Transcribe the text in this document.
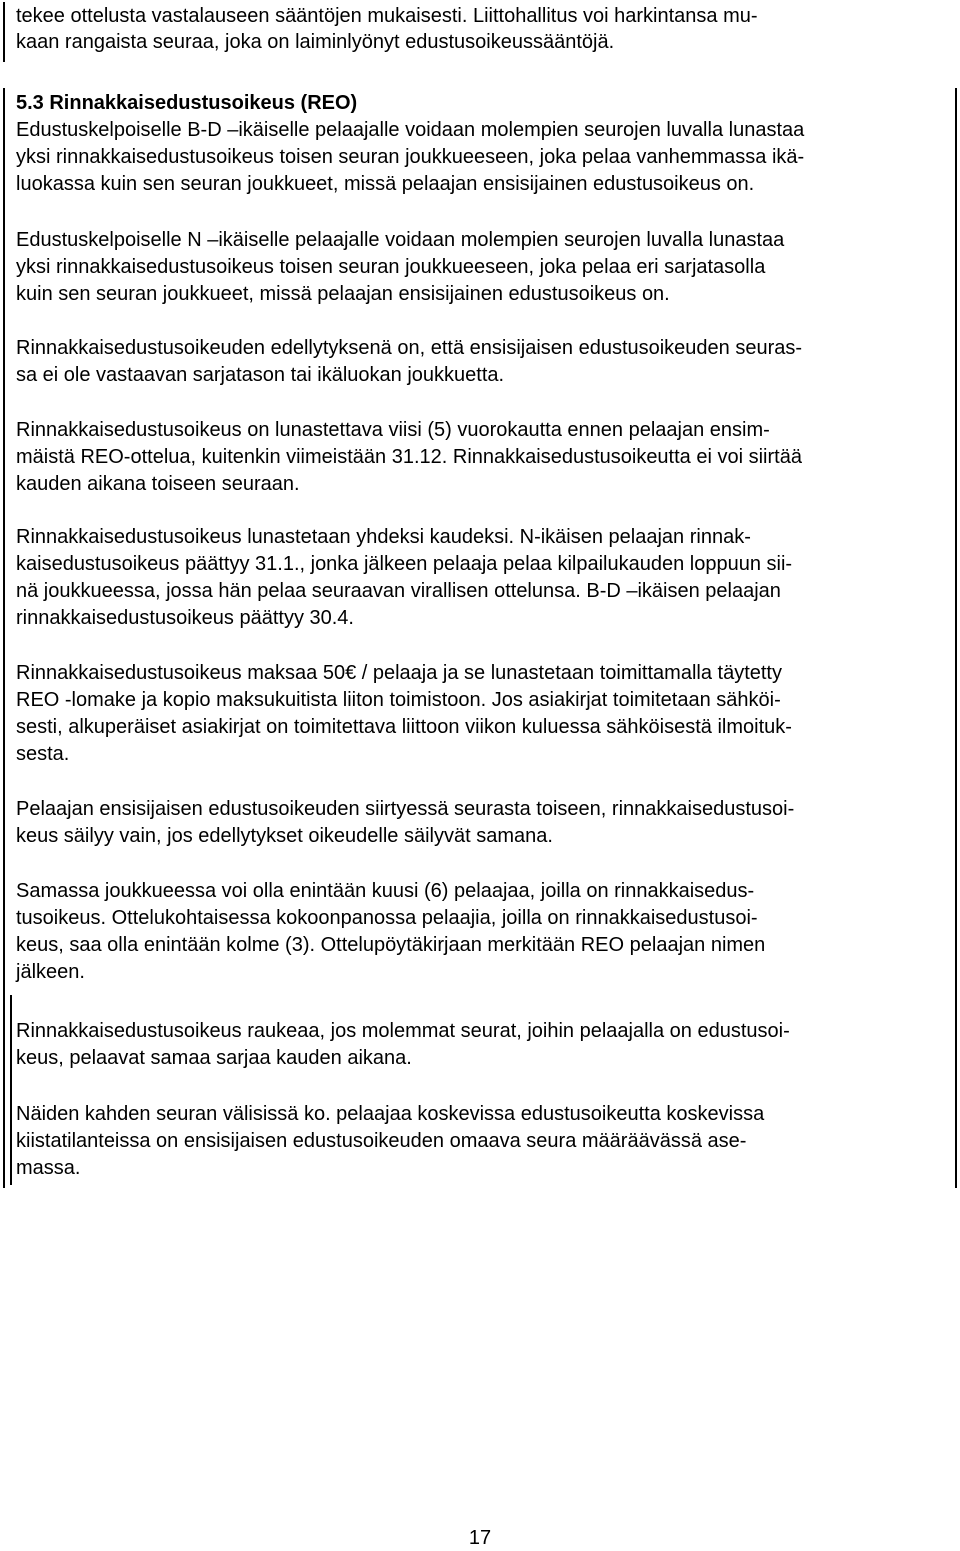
tekee ottelusta vastalauseen sääntöjen mukaisesti. Liittohallitus voi harkintansa mu-
kaan rangaista seuraa, joka on laiminlyönyt edustusoikeussääntöjä.
5.3 Rinnakkaisedustusoikeus (REO)
Edustuskelpoiselle B-D –ikäiselle pelaajalle voidaan molempien seurojen luvalla lunastaa
yksi rinnakkaisedustusoikeus toisen seuran joukkueeseen, joka pelaa vanhemmassa ikä-
luokassa kuin sen seuran joukkueet, missä pelaajan ensisijainen edustusoikeus on.
Edustuskelpoiselle N –ikäiselle pelaajalle voidaan molempien seurojen luvalla lunastaa
yksi rinnakkaisedustusoikeus toisen seuran joukkueeseen, joka pelaa eri sarjatasolla
kuin sen seuran joukkueet, missä pelaajan ensisijainen edustusoikeus on.
Rinnakkaisedustusoikeuden edellytyksenä on, että ensisijaisen edustusoikeuden seuras-
sa ei ole vastaavan sarjatason tai ikäluokan joukkuetta.
Rinnakkaisedustusoikeus on lunastettava viisi (5) vuorokautta ennen pelaajan ensim-
mäistä REO-ottelua, kuitenkin viimeistään 31.12. Rinnakkaisedustusoikeutta ei voi siirtää
kauden aikana toiseen seuraan.
Rinnakkaisedustusoikeus lunastetaan yhdeksi kaudeksi. N-ikäisen pelaajan rinnak-
kaisedustusoikeus päättyy 31.1., jonka jälkeen pelaaja pelaa kilpailukauden loppuun sii-
nä joukkueessa, jossa hän pelaa seuraavan virallisen ottelunsa. B-D –ikäisen pelaajan
rinnakkaisedustusoikeus päättyy 30.4.
Rinnakkaisedustusoikeus maksaa 50€ / pelaaja ja se lunastetaan toimittamalla täytetty
REO -lomake ja kopio maksukuitista liiton toimistoon. Jos asiakirjat toimitetaan sähköi-
sesti, alkuperäiset asiakirjat on toimitettava liittoon viikon kuluessa sähköisestä ilmoituk-
sesta.
Pelaajan ensisijaisen edustusoikeuden siirtyessä seurasta toiseen, rinnakkaisedustusoi-
keus säilyy vain, jos edellytykset oikeudelle säilyvät samana.
Samassa joukkueessa voi olla enintään kuusi (6) pelaajaa, joilla on rinnakkaisedus-
tusoikeus. Ottelukohtaisessa kokoonpanossa pelaajia, joilla on rinnakkaisedustusoi-
keus, saa olla enintään kolme (3). Ottelupöytäkirjaan merkitään REO pelaajan nimen
jälkeen.
Rinnakkaisedustusoikeus raukeaa, jos molemmat seurat, joihin pelaajalla on edustusoi-
keus, pelaavat samaa sarjaa kauden aikana.
Näiden kahden seuran välisissä ko. pelaajaa koskevissa edustusoikeutta koskevissa
kiistatilanteissa on ensisijaisen edustusoikeuden omaava seura määräävässä ase-
massa.
17
